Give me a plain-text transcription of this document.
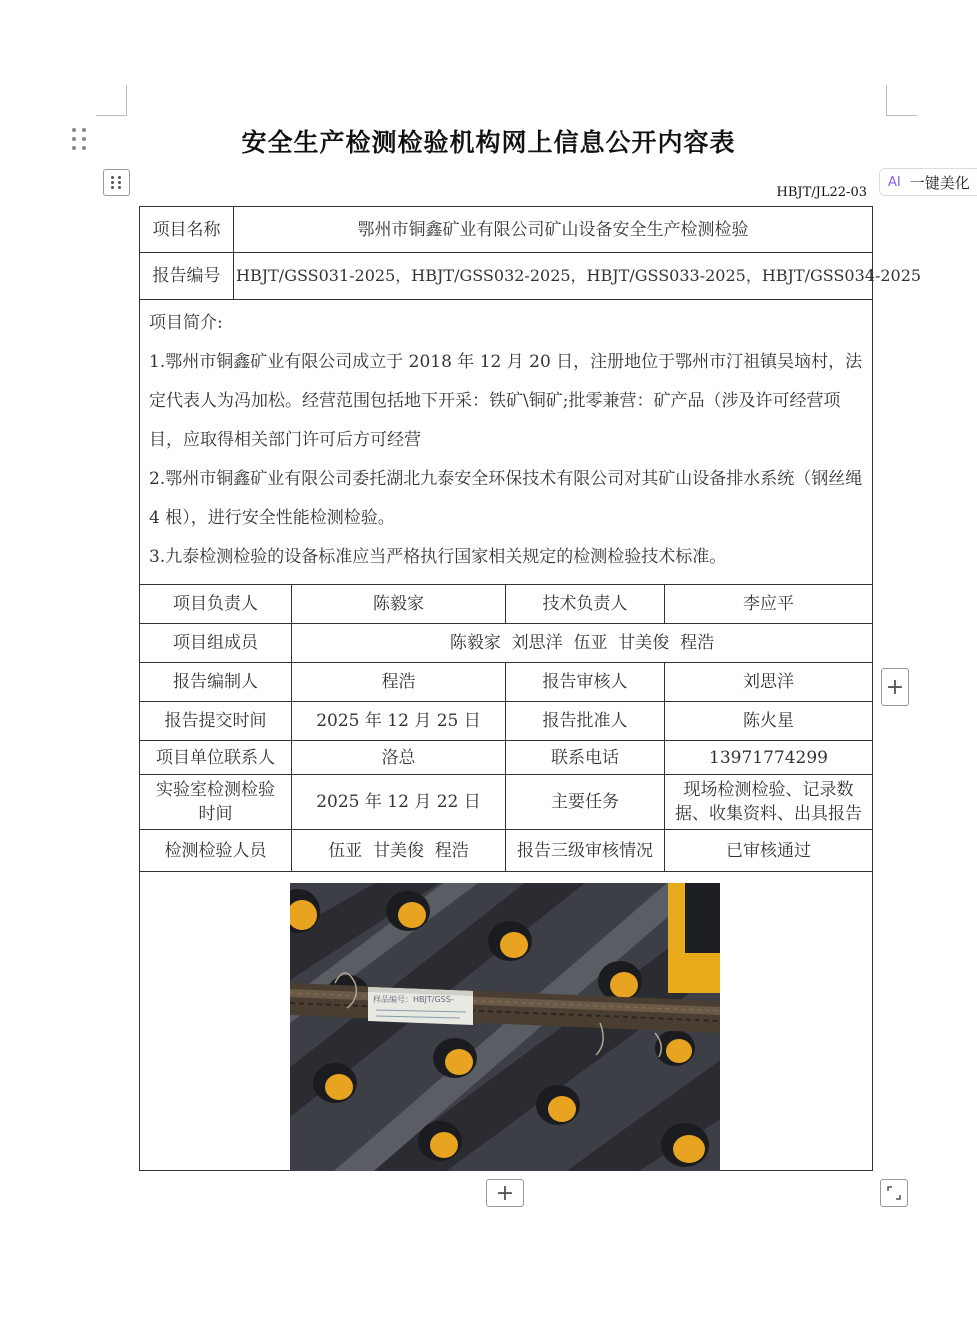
安全生产检测检验机构网上信息公开内容表
AI 一键美化
HBJT/JL22-03
项目名称	鄂州市铜鑫矿业有限公司矿山设备安全生产检测检验			
报告编号	HBJT/GSS031-2025，HBJT/GSS032-2025，HBJT/GSS033-2025，HBJT/GSS034-2025			

项目简介:

1.鄂州市铜鑫矿业有限公司成立于 2018 年 12 月 20 日，注册地位于鄂州市汀祖镇吴垴村，法定代表人为冯加松。经营范围包括地下开采：铁矿\铜矿;批零兼营：矿产品（涉及许可经营项目，应取得相关部门许可后方可经营

2.鄂州市铜鑫矿业有限公司委托湖北九泰安全环保技术有限公司对其矿山设备排水系统（钢丝绳 4 根），进行安全性能检测检验。

3.九泰检测检验的设备标准应当严格执行国家相关规定的检测检验技术标准。				

项目负责人		陈毅家	技术负责人	李应平
项目组成员		陈毅家  刘思洋  伍亚  甘美俊  程浩		
报告编制人		程浩	报告审核人	刘思洋
报告提交时间		2025 年 12 月 25 日	报告批准人	陈火星
项目单位联系人		洛总	联系电话	13971774299
实验室检测检验时间		2025 年 12 月 22 日	主要任务	现场检测检验、记录数据、收集资料、出具报告
检测检验人员		伍亚  甘美俊  程浩	报告三级审核情况	已审核通过

样品编号：HBJT/GSS-				
+
+
